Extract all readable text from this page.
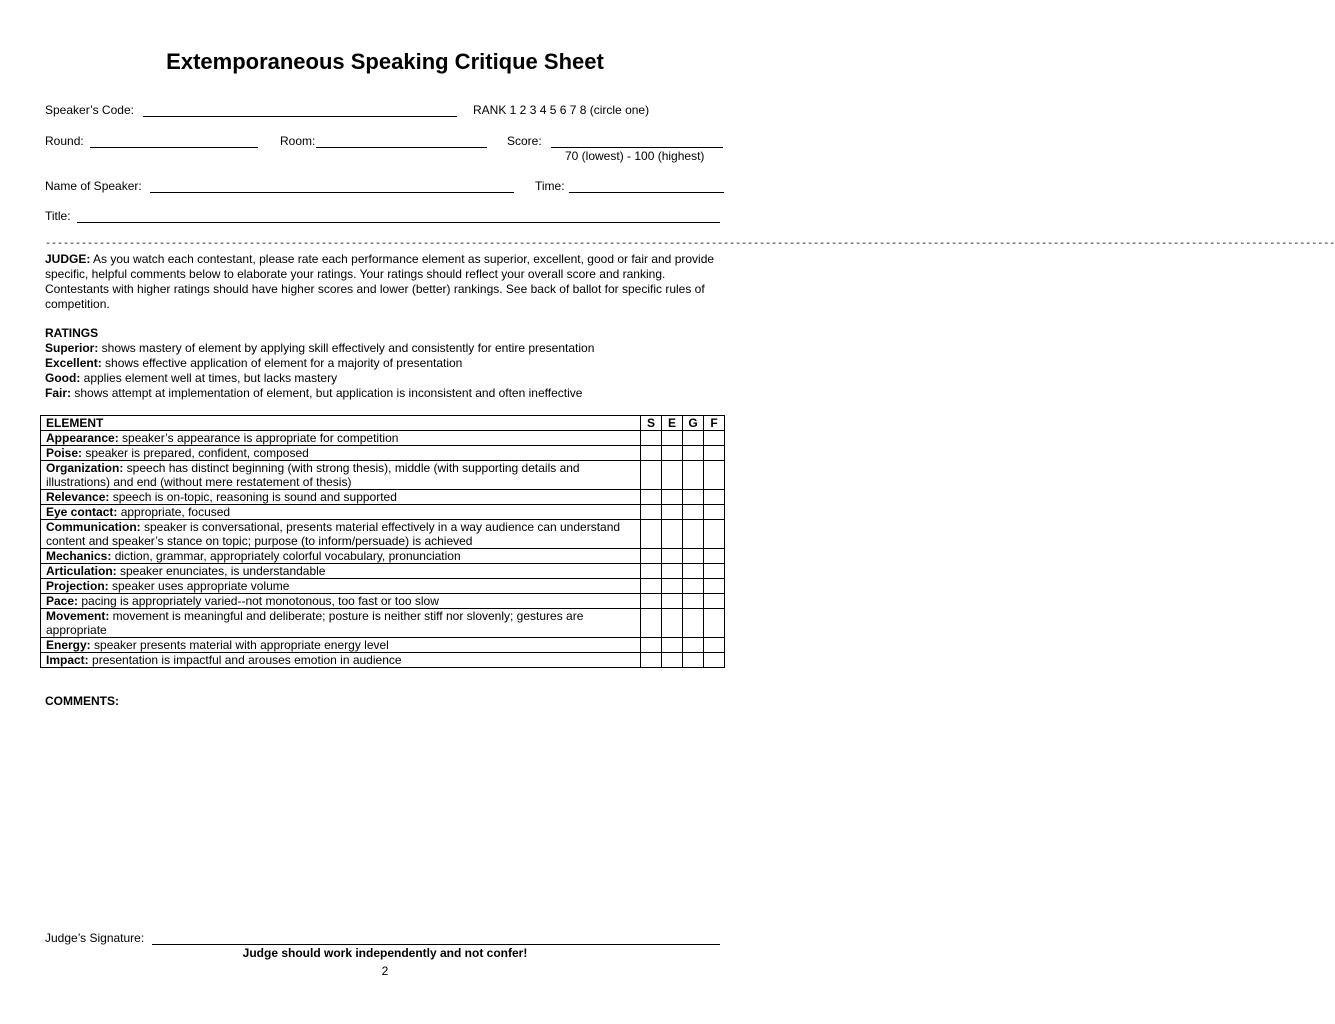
Extemporaneous Speaking Critique Sheet
Speaker’s Code:	RANK 1 2 3 4 5 6 7 8 (circle one)
Round:	Room:	Score:
70 (lowest) - 100 (highest)
Name of Speaker:	Time:
Title:
-----------------------------------------------------------------------------------------------------------------------------------------------------------------------------------------------------------------------
JUDGE: As you watch each contestant, please rate each performance element as superior, excellent, good or fair and provide specific, helpful comments below to elaborate your ratings. Your ratings should reflect your overall score and ranking. Contestants with higher ratings should have higher scores and lower (better) rankings. See back of ballot for specific rules of competition.
RATINGS
Superior: shows mastery of element by applying skill effectively and consistently for entire presentation
Excellent: shows effective application of element for a majority of presentation
Good: applies element well at times, but lacks mastery
Fair: shows attempt at implementation of element, but application is inconsistent and often ineffective
ELEMENT	S	E	G	F
Appearance: speaker’s appearance is appropriate for competition				
Poise: speaker is prepared, confident, composed				
Organization: speech has distinct beginning (with strong thesis), middle (with supporting details and illustrations) and end (without mere restatement of thesis)				
Relevance: speech is on-topic, reasoning is sound and supported				
Eye contact: appropriate, focused				
Communication: speaker is conversational, presents material effectively in a way audience can understand content and speaker’s stance on topic; purpose (to inform/persuade) is achieved				
Mechanics: diction, grammar, appropriately colorful vocabulary, pronunciation				
Articulation: speaker enunciates, is understandable				
Projection: speaker uses appropriate volume				
Pace: pacing is appropriately varied--not monotonous, too fast or too slow				
Movement: movement is meaningful and deliberate; posture is neither stiff nor slovenly; gestures are appropriate				
Energy: speaker presents material with appropriate energy level				
Impact: presentation is impactful and arouses emotion in audience				
COMMENTS:
Judge’s Signature:
Judge should work independently and not confer!
2
